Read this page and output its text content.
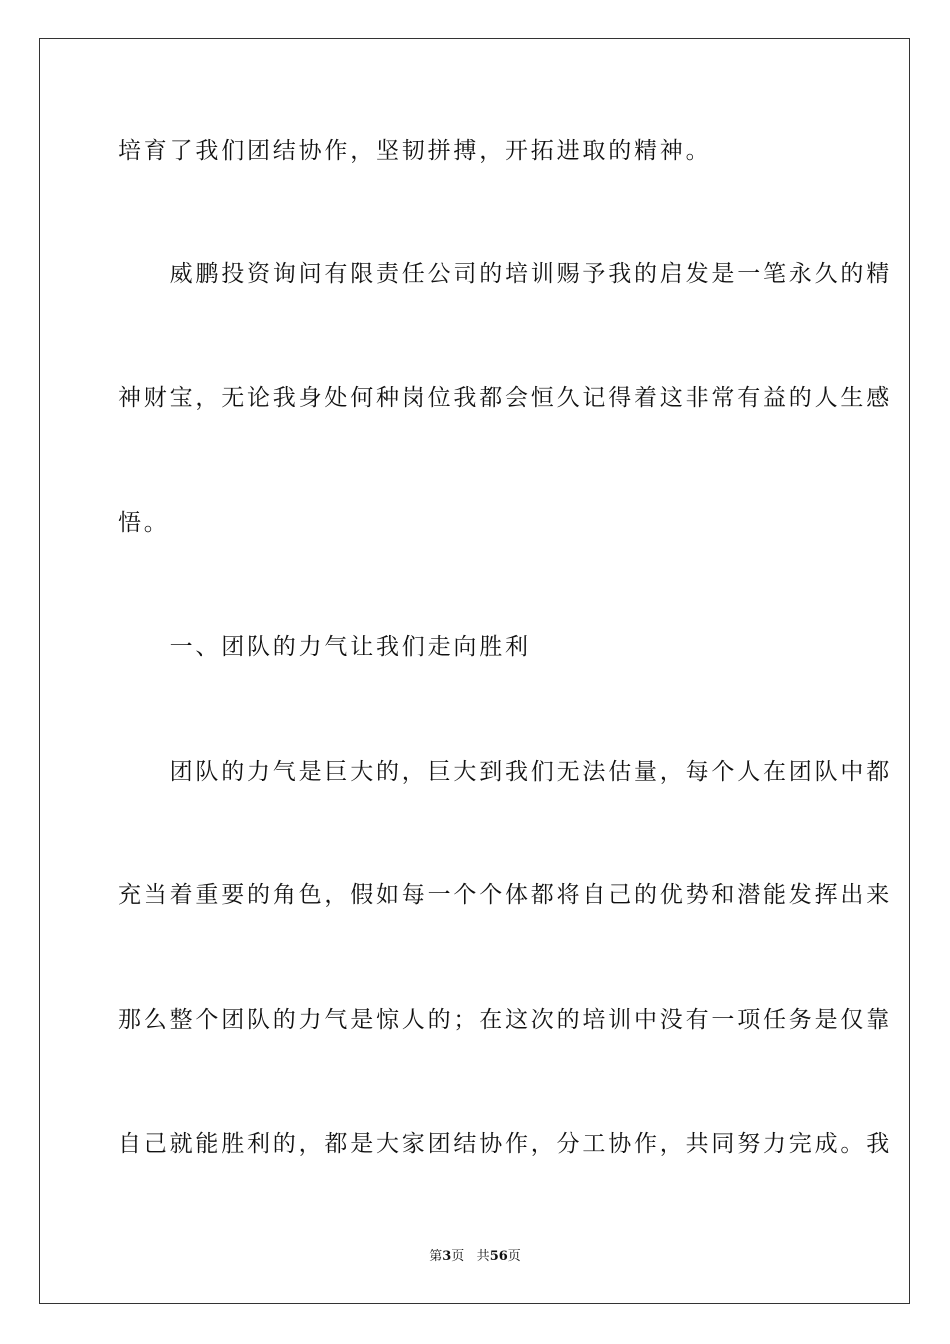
培育了我们团结协作，坚韧拼搏，开拓进取的精神。
　　威鹏投资询问有限责任公司的培训赐予我的启发是一笔永久的精
神财宝，无论我身处何种岗位我都会恒久记得着这非常有益的人生感
悟。
　　一、团队的力气让我们走向胜利
　　团队的力气是巨大的，巨大到我们无法估量，每个人在团队中都
充当着重要的角色，假如每一个个体都将自己的优势和潜能发挥出来
那么整个团队的力气是惊人的；在这次的培训中没有一项任务是仅靠
自己就能胜利的，都是大家团结协作，分工协作，共同努力完成。我
第3页 共56页
